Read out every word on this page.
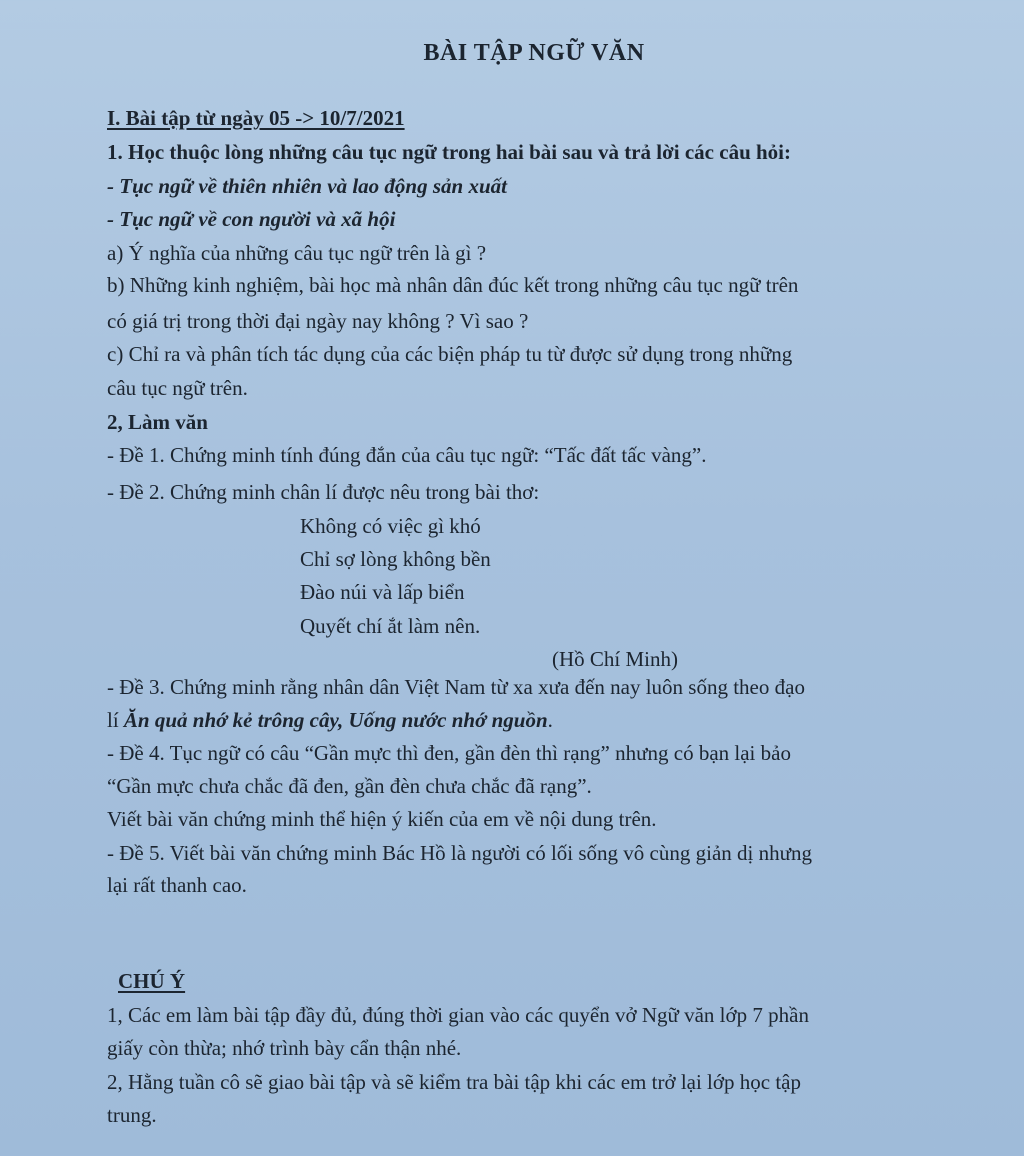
BÀI TẬP NGỮ VĂN
I. Bài tập từ ngày 05 -> 10/7/2021
1. Học thuộc lòng những câu tục ngữ trong hai bài sau và trả lời các câu hỏi:
- Tục ngữ về thiên nhiên và lao động sản xuất
- Tục ngữ về con người và xã hội
a) Ý nghĩa của những câu tục ngữ trên là gì ?
b) Những kinh nghiệm, bài học mà nhân dân đúc kết trong những câu tục ngữ trên
có giá trị trong thời đại ngày nay không ? Vì sao ?
c) Chỉ ra và phân tích tác dụng của các biện pháp tu từ được sử dụng trong những
câu tục ngữ trên.
2, Làm văn
- Đề 1. Chứng minh tính đúng đắn của câu tục ngữ: “Tấc đất tấc vàng”.
- Đề 2. Chứng minh chân lí được nêu trong bài thơ:
Không có việc gì khó
Chỉ sợ lòng không bền
Đào núi và lấp biển
Quyết chí ắt làm nên.
(Hồ Chí Minh)
- Đề 3. Chứng minh rằng nhân dân Việt Nam từ xa xưa đến nay luôn sống theo đạo
lí Ăn quả nhớ kẻ trông cây, Uống nước nhớ nguồn.
- Đề 4. Tục ngữ có câu “Gần mực thì đen, gần đèn thì rạng” nhưng có bạn lại bảo
“Gần mực chưa chắc đã đen, gần đèn chưa chắc đã rạng”.
Viết bài văn chứng minh thể hiện ý kiến của em về nội dung trên.
- Đề 5. Viết bài văn chứng minh Bác Hồ là người có lối sống vô cùng giản dị nhưng
lại rất thanh cao.
CHÚ Ý
1, Các em làm bài tập đầy đủ, đúng thời gian vào các quyển vở Ngữ văn lớp 7 phần
giấy còn thừa; nhớ trình bày cẩn thận nhé.
2, Hằng tuần cô sẽ giao bài tập và sẽ kiểm tra bài tập khi các em trở lại lớp học tập
trung.
